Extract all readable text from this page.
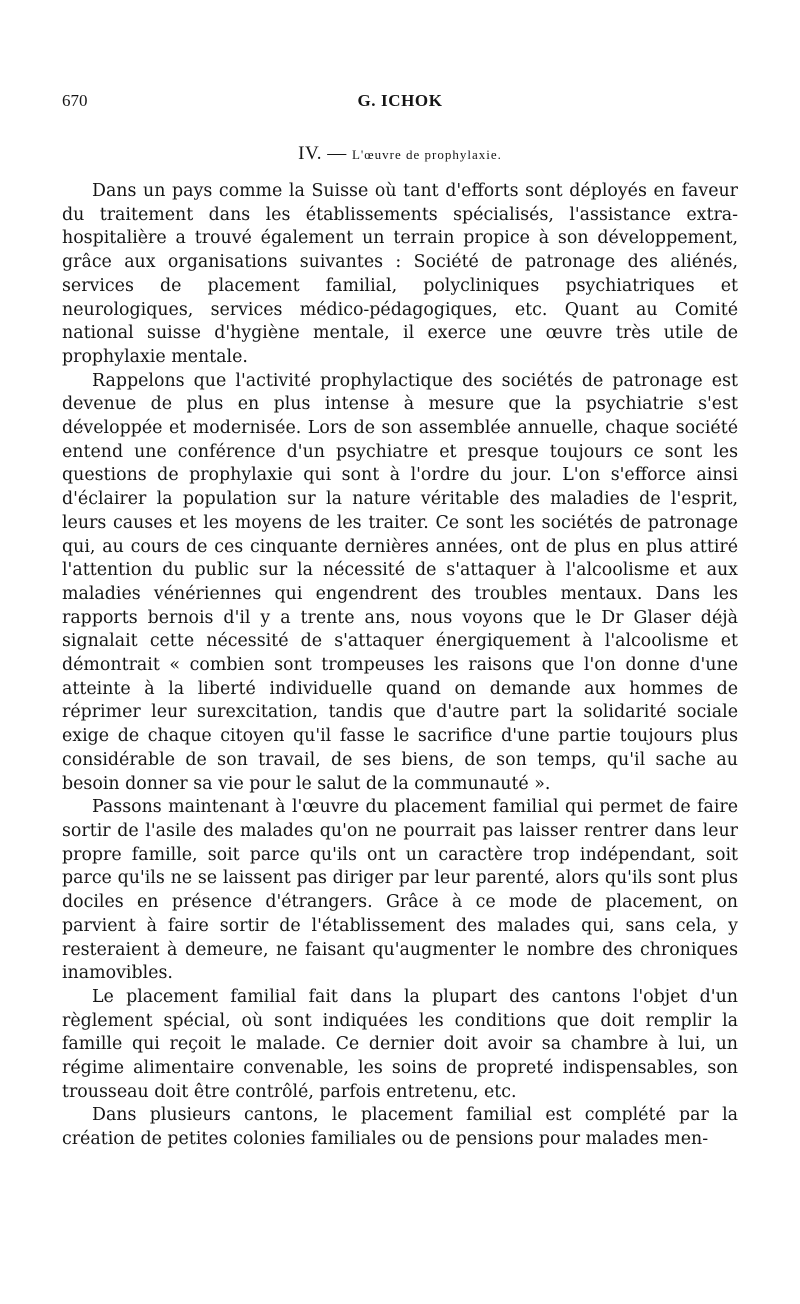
670	G. ICHOK
IV. — L'œuvre de prophylaxie.

Dans un pays comme la Suisse où tant d'efforts sont déployés en faveur du traitement dans les établissements spécialisés, l'assistance extra-hospitalière a trouvé également un terrain propice à son développement, grâce aux organisations suivantes : Société de patronage des aliénés, services de placement familial, polycliniques psychiatriques et neurologiques, services médico-pédagogiques, etc. Quant au Comité national suisse d'hygiène mentale, il exerce une œuvre très utile de prophylaxie mentale.

Rappelons que l'activité prophylactique des sociétés de patronage est devenue de plus en plus intense à mesure que la psychiatrie s'est développée et modernisée. Lors de son assemblée annuelle, chaque société entend une conférence d'un psychiatre et presque toujours ce sont les questions de prophylaxie qui sont à l'ordre du jour. L'on s'efforce ainsi d'éclairer la population sur la nature véritable des maladies de l'esprit, leurs causes et les moyens de les traiter. Ce sont les sociétés de patronage qui, au cours de ces cinquante dernières années, ont de plus en plus attiré l'attention du public sur la nécessité de s'attaquer à l'alcoolisme et aux maladies vénériennes qui engendrent des troubles mentaux. Dans les rapports bernois d'il y a trente ans, nous voyons que le Dr Glaser déjà signalait cette nécessité de s'attaquer énergiquement à l'alcoolisme et démontrait « combien sont trompeuses les raisons que l'on donne d'une atteinte à la liberté individuelle quand on demande aux hommes de réprimer leur surexcitation, tandis que d'autre part la solidarité sociale exige de chaque citoyen qu'il fasse le sacrifice d'une partie toujours plus considérable de son travail, de ses biens, de son temps, qu'il sache au besoin donner sa vie pour le salut de la communauté ».

Passons maintenant à l'œuvre du placement familial qui permet de faire sortir de l'asile des malades qu'on ne pourrait pas laisser rentrer dans leur propre famille, soit parce qu'ils ont un caractère trop indépendant, soit parce qu'ils ne se laissent pas diriger par leur parenté, alors qu'ils sont plus dociles en présence d'étrangers. Grâce à ce mode de placement, on parvient à faire sortir de l'établissement des malades qui, sans cela, y resteraient à demeure, ne faisant qu'augmenter le nombre des chroniques inamovibles.

Le placement familial fait dans la plupart des cantons l'objet d'un règlement spécial, où sont indiquées les conditions que doit remplir la famille qui reçoit le malade. Ce dernier doit avoir sa chambre à lui, un régime alimentaire convenable, les soins de propreté indispensables, son trousseau doit être contrôlé, parfois entretenu, etc.

Dans plusieurs cantons, le placement familial est complété par la création de petites colonies familiales ou de pensions pour malades men-
